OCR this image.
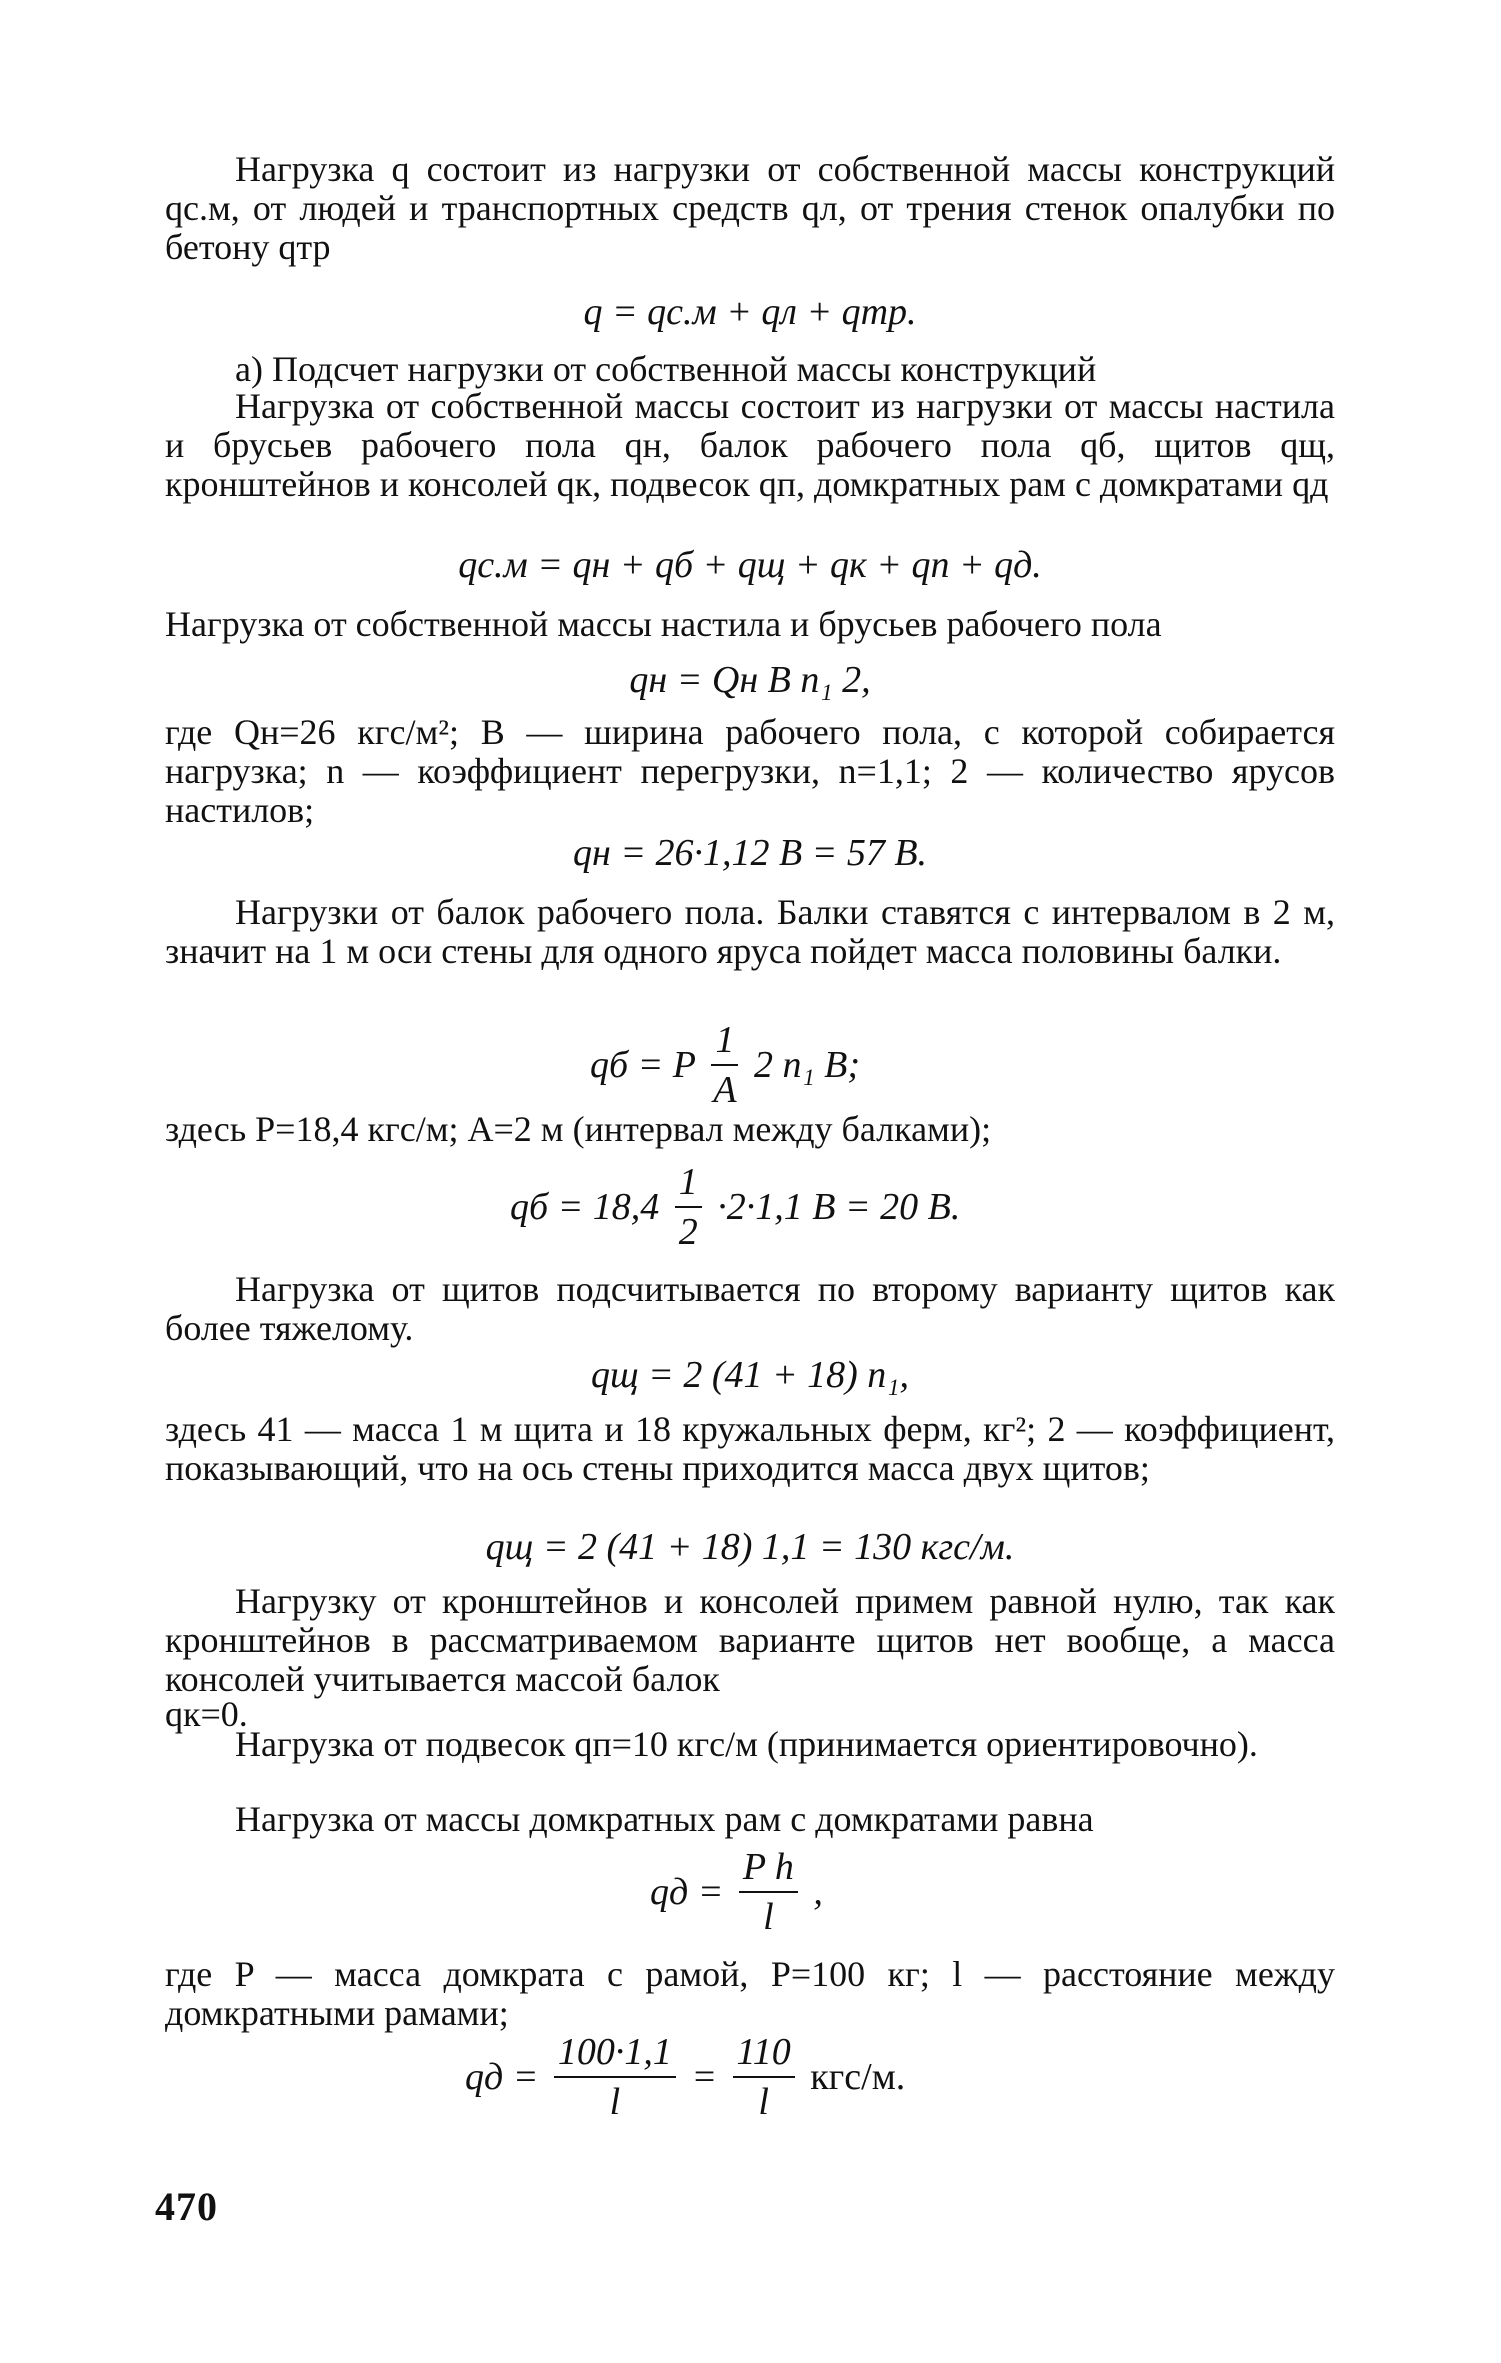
Нагрузка q состоит из нагрузки от собственной массы конструкций qс.м, от людей и транспортных средств qл, от трения стенок опалубки по бетону qтр
q = qс.м + qл + qтр.
а) Подсчет нагрузки от собственной массы конструкций
Нагрузка от собственной массы состоит из нагрузки от массы настила и брусьев рабочего пола qн, балок рабочего пола qб, щитов qщ, кронштейнов и консолей qк, подвесок qп, домкратных рам с домкратами qд
qс.м = qн + qб + qщ + qк + qп + qд.
Нагрузка от собственной массы настила и брусьев рабочего пола
qн = Qн B n₁ 2,
где Qн=26 кгс/м²; B — ширина рабочего пола, с которой собирается нагрузка; n — коэффициент перегрузки, n=1,1; 2 — количество ярусов настилов;
qн = 26·1,12 B = 57 B.
Нагрузки от балок рабочего пола. Балки ставятся с интервалом в 2 м, значит на 1 м оси стены для одного яруса пойдет масса половины балки.
qб = P $\frac{1}{A} 2$ n₁ B;
здесь P=18,4 кгс/м; A=2 м (интервал между балками);
qб = $18,4 \frac{1}{2} \cdot 2\cdot 1,1$ B = 20 B.
Нагрузка от щитов подсчитывается по второму варианту щитов как более тяжелому.
qщ = 2 (41 + 18) n₁,
здесь 41 — масса 1 м щита и 18 кружальных ферм, кг²; 2 — коэффициент, показывающий, что на ось стены приходится масса двух щитов;
qщ = 2 (41 + 18) 1,1 = 130 кгс/м.
Нагрузку от кронштейнов и консолей примем равной нулю, так как кронштейнов в рассматриваемом варианте щитов нет вообще, а масса консолей учитывается массой балок
qк=0.
Нагрузка от подвесок qп=10 кгс/м (принимается ориентировочно).
Нагрузка от массы домкратных рам с домкратами равна
qд = $\frac{\text{P h}}{l}$ ,
где P — масса домкрата с рамой, P=100 кг; l — расстояние между домкратными рамами;
qд = $\frac{100\cdot 1,1}{l} = \frac{110}{l} кгс/м$.
470
